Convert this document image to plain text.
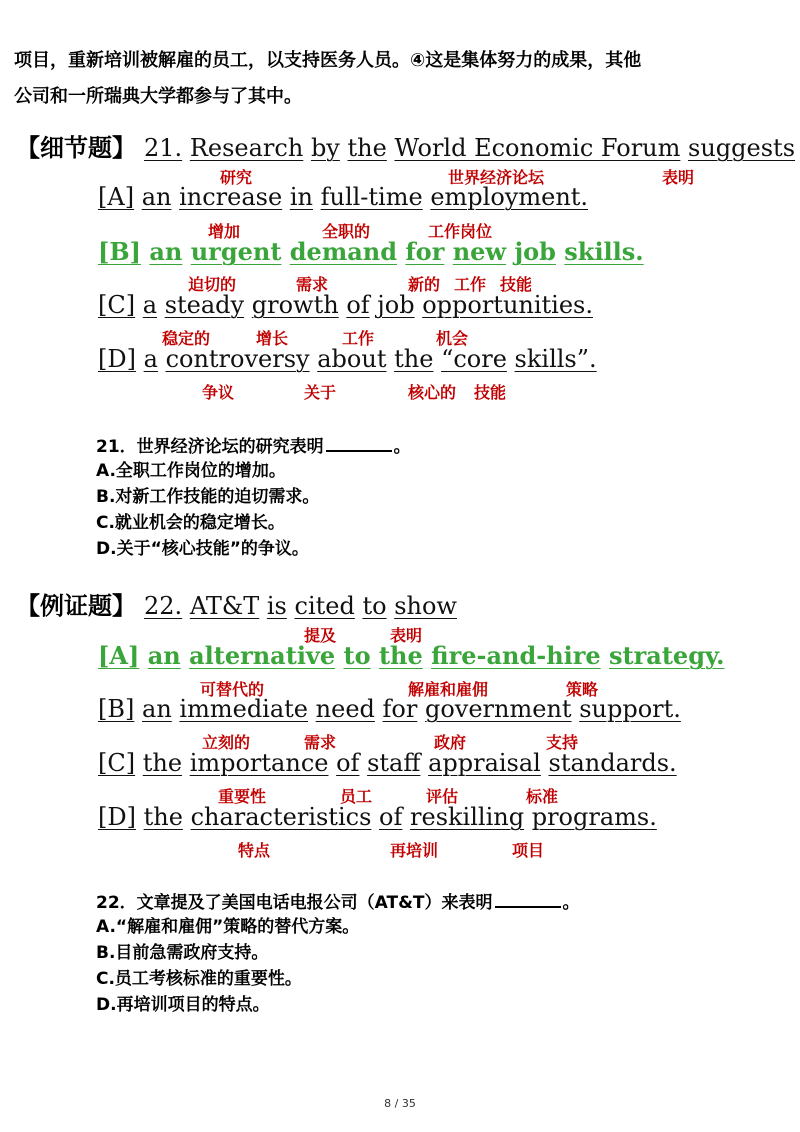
项目，重新培训被解雇的员工，以支持医务人员。④这是集体努力的成果，其他
公司和一所瑞典大学都参与了其中。
【细节题】 21. Research by the World Economic Forum suggests
研究	世界经济论坛	表明
[A] an increase in full-time employment.
增加	全职的	工作岗位
[B] an urgent demand for new job skills.
迫切的	需求	新的 工作 技能
[C] a steady growth of job opportunities.
稳定的	增长	工作	机会
[D] a controversy about the “core skills”.
争议	关于	核心的 技能
21．世界经济论坛的研究表明	。
A.全职工作岗位的增加。
B.对新工作技能的迫切需求。
C.就业机会的稳定增长。
D.关于“核心技能”的争议。
【例证题】 22. AT&T is cited to show
提及	表明
[A] an alternative to the fire-and-hire strategy.
可替代的	解雇和雇佣	策略
[B] an immediate need for government support.
立刻的	需求	政府	支持
[C] the importance of staff appraisal standards.
重要性	员工	评估	标准
[D] the characteristics of reskilling programs.
特点	再培训	项目
22．文章提及了美国电话电报公司（AT&T）来表明	。
A.“解雇和雇佣”策略的替代方案。
B.目前急需政府支持。
C.员工考核标准的重要性。
D.再培训项目的特点。
8 / 35
